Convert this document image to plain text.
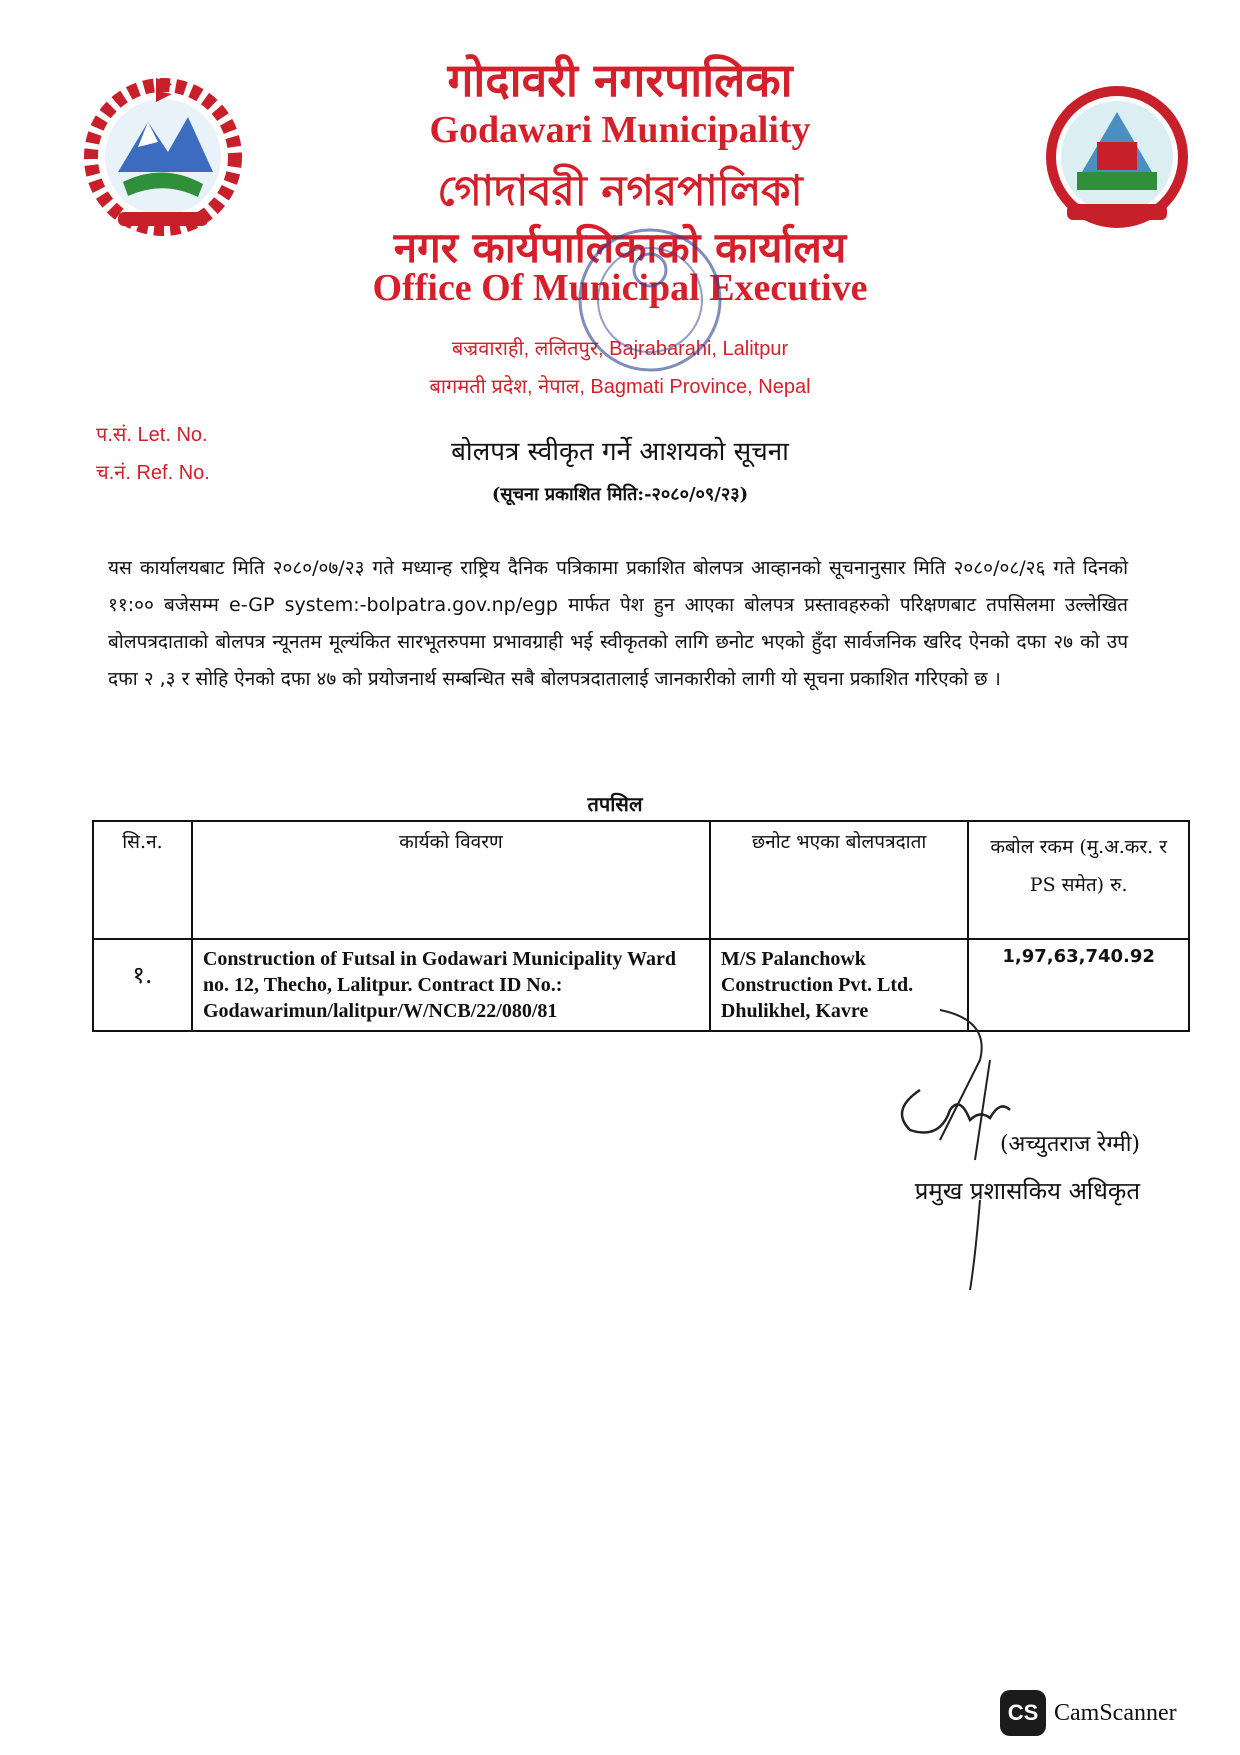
गोदावरी नगरपालिका
Godawari Municipality
গোদাবরী নগরপালিকা
नगर कार्यपालिकाको कार्यालय
Office Of Municipal Executive
बज्रवाराही, ललितपुर, Bajrabarahi, Lalitpur
बागमती प्रदेश, नेपाल, Bagmati Province, Nepal
प.सं. Let. No.
च.नं. Ref. No.
बोलपत्र स्वीकृत गर्ने आशयको सूचना
(सूचना प्रकाशित मिति:-२०८०/०९/२३)
यस कार्यालयबाट मिति २०८०/०७/२३ गते मध्यान्ह राष्ट्रिय दैनिक पत्रिकामा प्रकाशित बोलपत्र आव्हानको सूचनानुसार मिति २०८०/०८/२६ गते दिनको ११:०० बजेसम्म e-GP system:-bolpatra.gov.np/egp मार्फत पेश हुन आएका बोलपत्र प्रस्तावहरुको परिक्षणबाट तपसिलमा उल्लेखित बोलपत्रदाताको बोलपत्र न्यूनतम मूल्यंकित सारभूतरुपमा प्रभावग्राही भई स्वीकृतको लागि छनोट भएको हुँदा सार्वजनिक खरिद ऐनको दफा २७ को उप दफा २ ,३ र सोहि ऐनको दफा ४७ को प्रयोजनार्थ सम्बन्धित सबै बोलपत्रदातालाई जानकारीको लागी यो सूचना प्रकाशित गरिएको छ ।
तपसिल
सि.न.	कार्यको विवरण	छनोट भएका बोलपत्रदाता	कबोल रकम (मु.अ.कर. र PS समेत) रु.
१.	Construction of Futsal in Godawari Municipality Ward no. 12, Thecho, Lalitpur. Contract ID No.: Godawarimun/lalitpur/W/NCB/22/080/81	M/S Palanchowk Construction Pvt. Ltd. Dhulikhel, Kavre	1,97,63,740.92
(अच्युतराज रेग्मी)
प्रमुख प्रशासकिय अधिकृत
CS CamScanner
